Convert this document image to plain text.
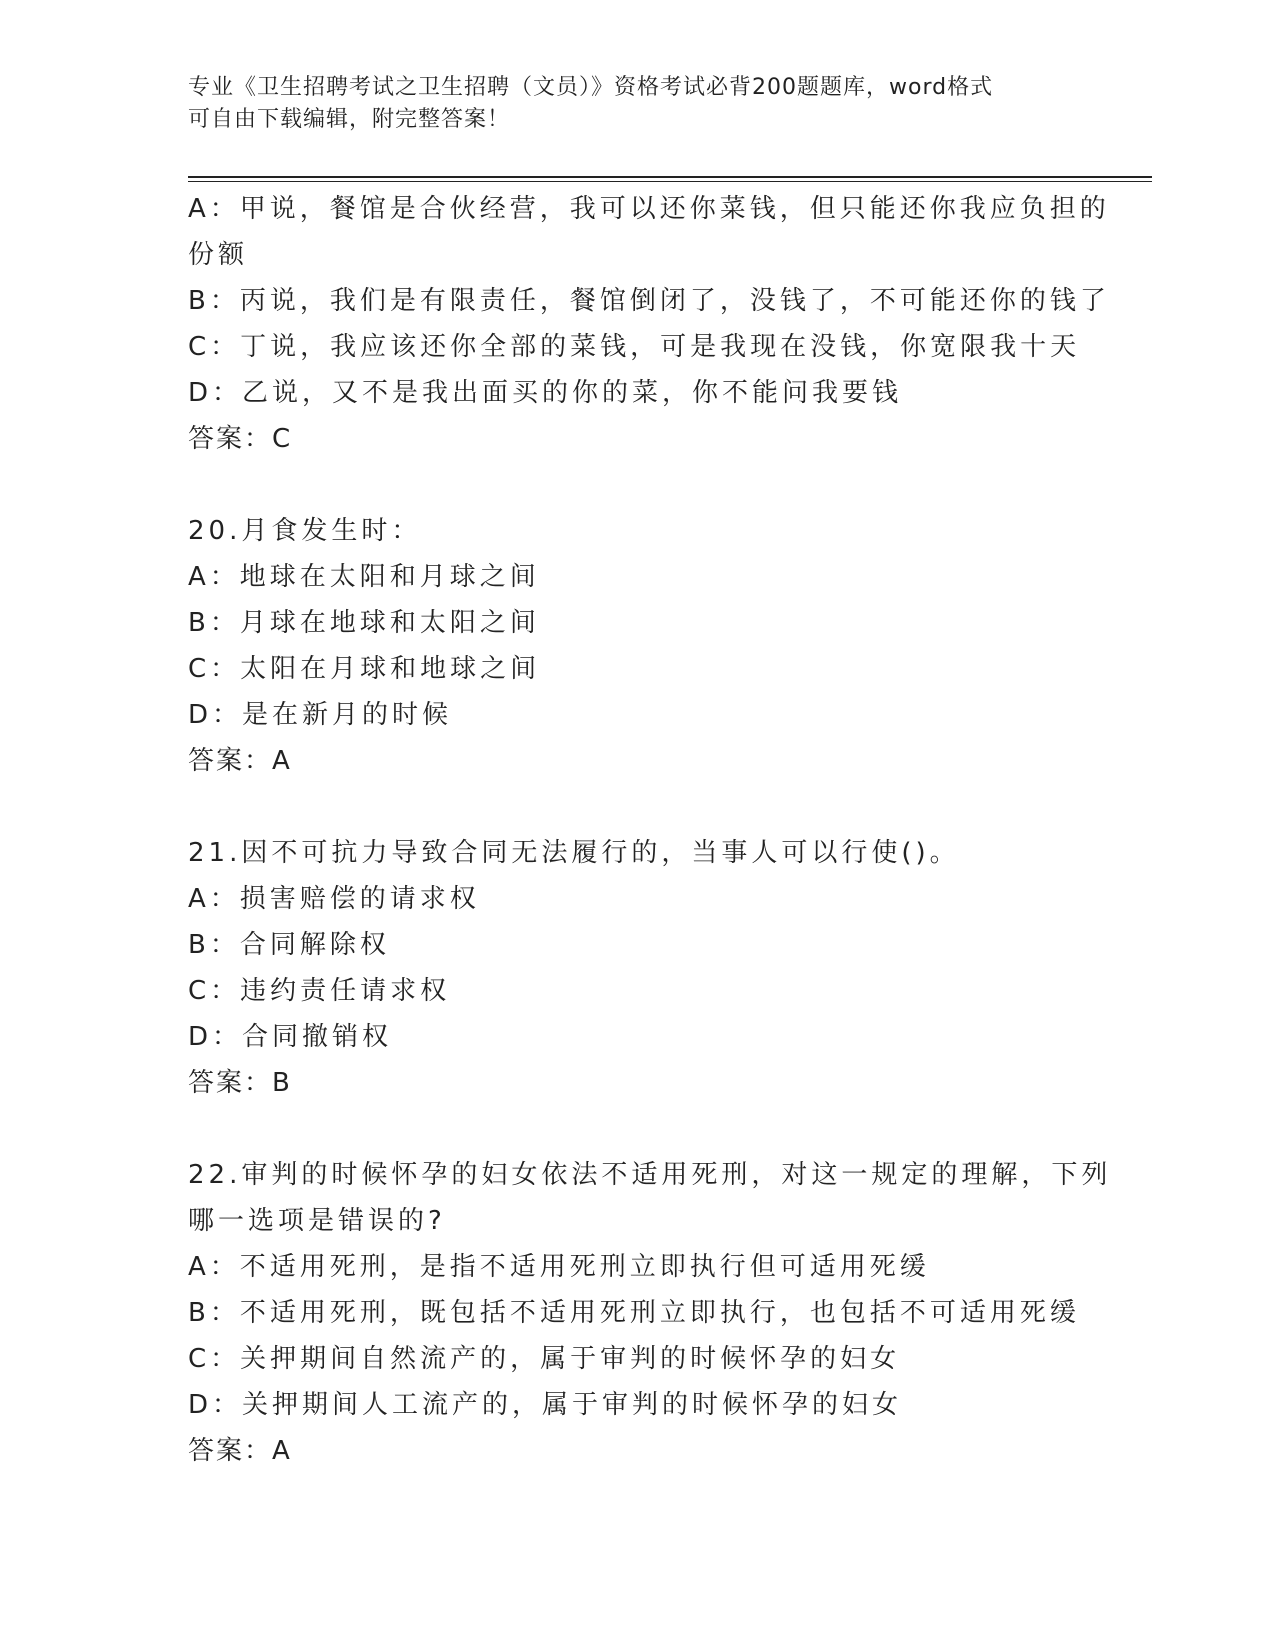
专业《卫生招聘考试之卫生招聘（文员）》资格考试必背200题题库，word格式
可自由下载编辑，附完整答案！
A：甲说，餐馆是合伙经营，我可以还你菜钱，但只能还你我应负担的
份额
B：丙说，我们是有限责任，餐馆倒闭了，没钱了，不可能还你的钱了
C：丁说，我应该还你全部的菜钱，可是我现在没钱，你宽限我十天
D：乙说，又不是我出面买的你的菜，你不能问我要钱
答案：C
20.月食发生时：
A：地球在太阳和月球之间
B：月球在地球和太阳之间
C：太阳在月球和地球之间
D：是在新月的时候
答案：A
21.因不可抗力导致合同无法履行的，当事人可以行使()。
A：损害赔偿的请求权
B：合同解除权
C：违约责任请求权
D：合同撤销权
答案：B
22.审判的时候怀孕的妇女依法不适用死刑，对这一规定的理解，下列
哪一选项是错误的?
A：不适用死刑，是指不适用死刑立即执行但可适用死缓
B：不适用死刑，既包括不适用死刑立即执行，也包括不可适用死缓
C：关押期间自然流产的，属于审判的时候怀孕的妇女
D：关押期间人工流产的，属于审判的时候怀孕的妇女
答案：A
